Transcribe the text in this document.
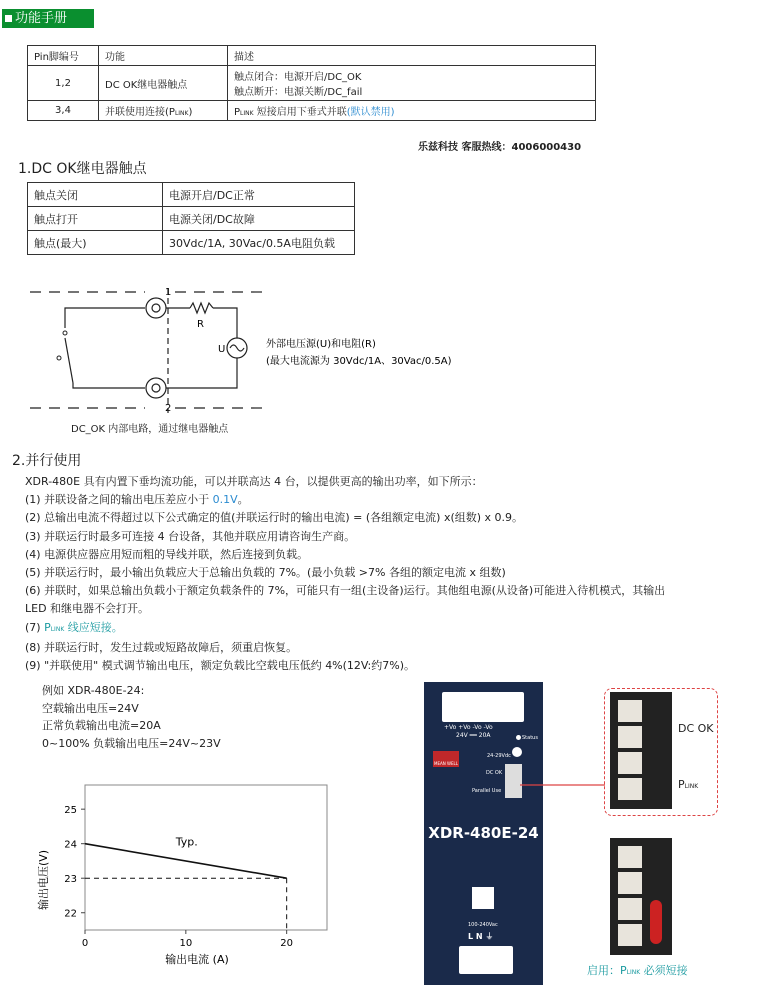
功能手册
Pin脚编号	功能	描述
1,2	DC OK继电器触点	触点闭合：电源开启/DC_OK
触点断开：电源关断/DC_fail

3,4	并联使用连接(PLINK)	PLINK 短接启用下垂式并联(默认禁用)
乐兹科技 客服热线：4006000430
1.DC OK继电器触点
触点关闭	电源开启/DC正常
触点打开	电源关闭/DC故障
触点(最大)	30Vdc/1A, 30Vac/0.5A电阻负载
1
2
R
U	外部电压源(U)和电阻(R)
(最大电流源为 30Vdc/1A、30Vac/0.5A)
DC_OK 内部电路，通过继电器触点
2.并行使用
XDR-480E 具有内置下垂均流功能，可以并联高达 4 台，以提供更高的输出功率，如下所示：
(1) 并联设备之间的输出电压差应小于 0.1V。
(2) 总输出电流不得超过以下公式确定的值(并联运行时的输出电流) = (各组额定电流) x(组数) x 0.9。
(3) 并联运行时最多可连接 4 台设备，其他并联应用请咨询生产商。
(4) 电源供应器应用短而粗的导线并联，然后连接到负载。
(5) 并联运行时，最小输出负载应大于总输出负载的 7%。(最小负载 >7% 各组的额定电流 x 组数)
(6) 并联时，如果总输出负载小于额定负载条件的 7%，可能只有一组(主设备)运行。其他组电源(从设备)可能进入待机模式，其输出
LED 和继电器不会打开。
(7) PLINK 线应短接。
(8) 并联运行时，发生过载或短路故障后，须重启恢复。
(9) "并联使用" 模式调节输出电压，额定负载比空载电压低约 4%(12V:约7%)。
例如 XDR-480E-24:
空载输出电压=24V
正常负载输出电流=20A
0~100% 负载输出电压=24V~23V
25
24
23
22
0	10	20
Typ.
输出电压(V)
输出电流 (A)
+Vo +Vo -Vo -Vo
24V ══ 20A	Status
MEAN WELL
24-29Vdc
DC OK
Parallel Use
XDR-480E-24
100-240Vac
L N ⏚
DC OK
PLINK
启用：PLINK 必须短接
